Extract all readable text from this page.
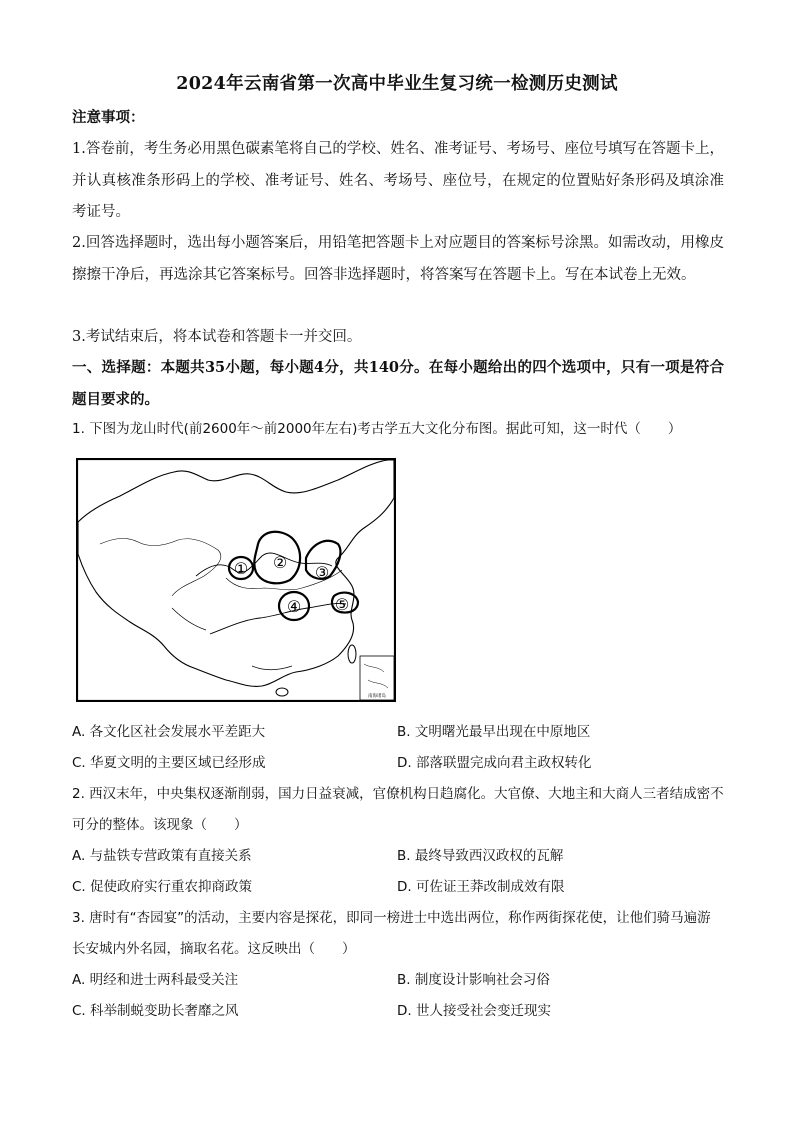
2024年云南省第一次高中毕业生复习统一检测历史测试

注意事项：

1.答卷前，考生务必用黑色碳素笔将自己的学校、姓名、准考证号、考场号、座位号填写在答题卡上，并认真核准条形码上的学校、准考证号、姓名、考场号、座位号，在规定的位置贴好条形码及填涂准考证号。

2.回答选择题时，选出每小题答案后，用铅笔把答题卡上对应题目的答案标号涂黑。如需改动，用橡皮擦擦干净后，再选涂其它答案标号。回答非选择题时，将答案写在答题卡上。写在本试卷上无效。

3.考试结束后，将本试卷和答题卡一并交回。

一、选择题：本题共35小题，每小题4分，共140分。在每小题给出的四个选项中，只有一项是符合题目要求的。

1. 下图为龙山时代(前2600年～前2000年左右)考古学五大文化分布图。据此可知，这一时代（　　）

① ②
③
④ ⑤
南海诸岛
A. 各文化区社会发展水平差距大	B. 文明曙光最早出现在中原地区
C. 华夏文明的主要区域已经形成	D. 部落联盟完成向君主政权转化

2. 西汉末年，中央集权逐渐削弱，国力日益衰减，官僚机构日趋腐化。大官僚、大地主和大商人三者结成密不可分的整体。该现象（　　）

A. 与盐铁专营政策有直接关系	B. 最终导致西汉政权的瓦解
C. 促使政府实行重农抑商政策	D. 可佐证王莽改制成效有限

3. 唐时有“杏园宴”的活动，主要内容是探花，即同一榜进士中选出两位，称作两街探花使，让他们骑马遍游长安城内外名园，摘取名花。这反映出（　　）

A. 明经和进士两科最受关注	B. 制度设计影响社会习俗
C. 科举制蜕变助长奢靡之风	D. 世人接受社会变迁现实
